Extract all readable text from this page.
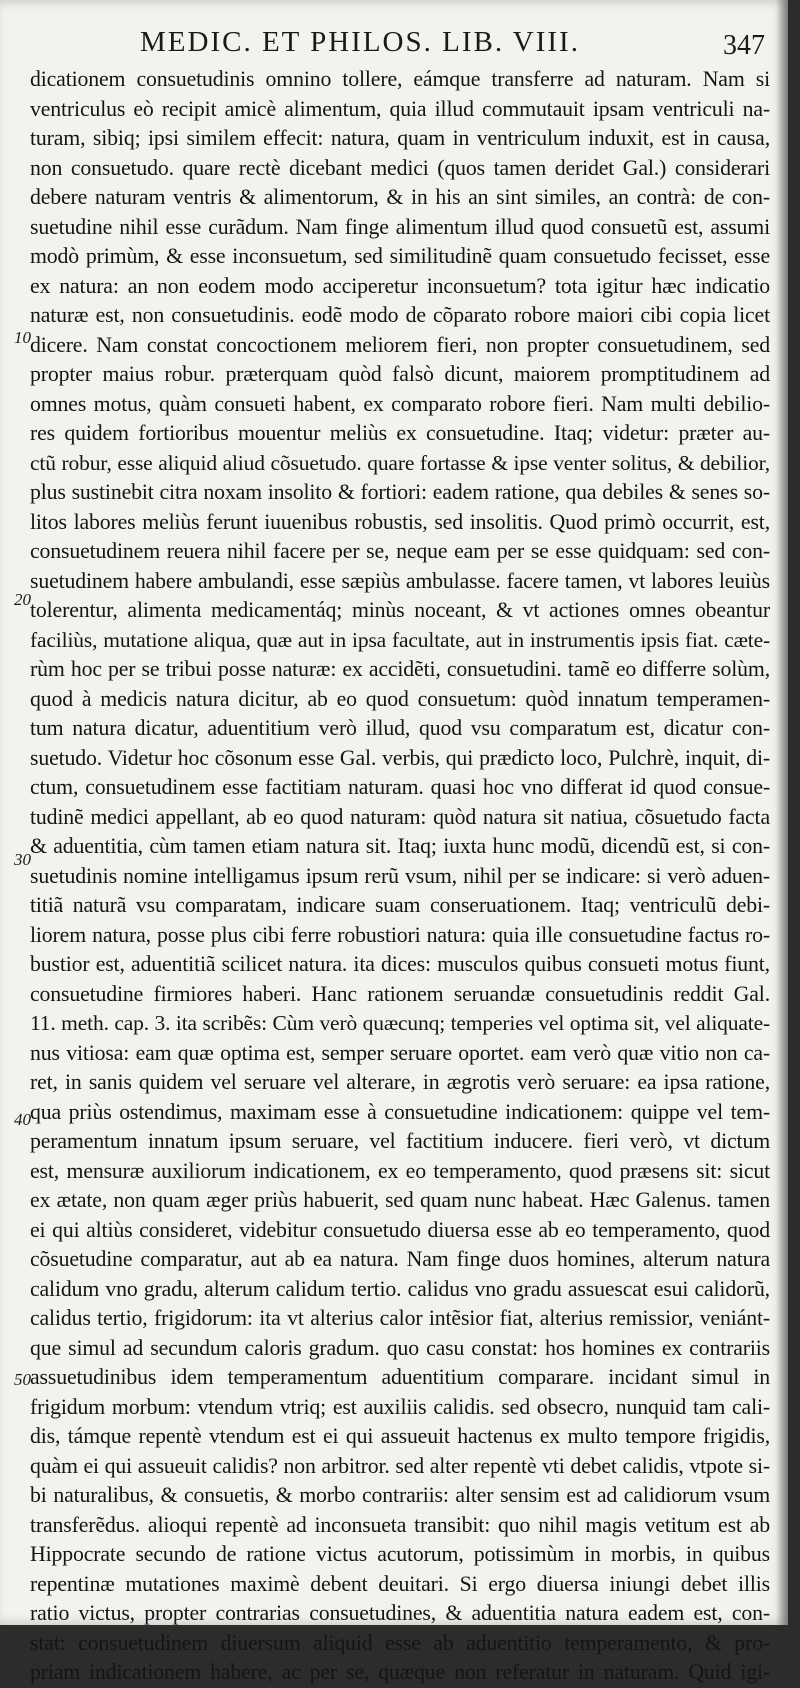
MEDIC. ET PHILOS. LIB. VIII.	347
10
20
30
40
50
dicationem consuetudinis omnino tollere, eámque transferre ad naturam. Nam si
ventriculus eò recipit amicè alimentum, quia illud commutauit ipsam ventriculi na-
turam, sibiq; ipsi similem effecit: natura, quam in ventriculum induxit, est in causa,
non consuetudo. quare rectè dicebant medici (quos tamen deridet Gal.) considerari
debere naturam ventris & alimentorum, & in his an sint similes, an contrà: de con-
suetudine nihil esse curãdum. Nam finge alimentum illud quod consuetũ est, assumi
modò primùm, & esse inconsuetum, sed similitudinẽ quam consuetudo fecisset, esse
ex natura: an non eodem modo acciperetur inconsuetum? tota igitur hæc indicatio
naturæ est, non consuetudinis. eodẽ modo de cõparato robore maiori cibi copia licet
dicere. Nam constat concoctionem meliorem fieri, non propter consuetudinem, sed
propter maius robur. præterquam quòd falsò dicunt, maiorem promptitudinem ad
omnes motus, quàm consueti habent, ex comparato robore fieri. Nam multi debilio-
res quidem fortioribus mouentur meliùs ex consuetudine. Itaq; videtur: præter au-
ctũ robur, esse aliquid aliud cõsuetudo. quare fortasse & ipse venter solitus, & debilior,
plus sustinebit citra noxam insolito & fortiori: eadem ratione, qua debiles & senes so-
litos labores meliùs ferunt iuuenibus robustis, sed insolitis. Quod primò occurrit, est,
consuetudinem reuera nihil facere per se, neque eam per se esse quidquam: sed con-
suetudinem habere ambulandi, esse sæpiùs ambulasse. facere tamen, vt labores leuiùs
tolerentur, alimenta medicamentáq; minùs noceant, & vt actiones omnes obeantur
faciliùs, mutatione aliqua, quæ aut in ipsa facultate, aut in instrumentis ipsis fiat. cæte-
rùm hoc per se tribui posse naturæ: ex accidẽti, consuetudini. tamẽ eo differre solùm,
quod à medicis natura dicitur, ab eo quod consuetum: quòd innatum temperamen-
tum natura dicatur, aduentitium verò illud, quod vsu comparatum est, dicatur con-
suetudo. Videtur hoc cõsonum esse Gal. verbis, qui prædicto loco, Pulchrè, inquit, di-
ctum, consuetudinem esse factitiam naturam. quasi hoc vno differat id quod consue-
tudinẽ medici appellant, ab eo quod naturam: quòd natura sit natiua, cõsuetudo facta
& aduentitia, cùm tamen etiam natura sit. Itaq; iuxta hunc modũ, dicendũ est, si con-
suetudinis nomine intelligamus ipsum rerũ vsum, nihil per se indicare: si verò aduen-
titiã naturã vsu comparatam, indicare suam conseruationem. Itaq; ventriculũ debi-
liorem natura, posse plus cibi ferre robustiori natura: quia ille consuetudine factus ro-
bustior est, aduentitiã scilicet natura. ita dices: musculos quibus consueti motus fiunt,
consuetudine firmiores haberi. Hanc rationem seruandæ consuetudinis reddit Gal.
11. meth. cap. 3. ita scribẽs: Cùm verò quæcunq; temperies vel optima sit, vel aliquate-
nus vitiosa: eam quæ optima est, semper seruare oportet. eam verò quæ vitio non ca-
ret, in sanis quidem vel seruare vel alterare, in ægrotis verò seruare: ea ipsa ratione,
qua priùs ostendimus, maximam esse à consuetudine indicationem: quippe vel tem-
peramentum innatum ipsum seruare, vel factitium inducere. fieri verò, vt dictum
est, mensuræ auxiliorum indicationem, ex eo temperamento, quod præsens sit: sicut
ex ætate, non quam æger priùs habuerit, sed quam nunc habeat. Hæc Galenus. tamen
ei qui altiùs consideret, videbitur consuetudo diuersa esse ab eo temperamento, quod
cõsuetudine comparatur, aut ab ea natura. Nam finge duos homines, alterum natura
calidum vno gradu, alterum calidum tertio. calidus vno gradu assuescat esui calidorũ,
calidus tertio, frigidorum: ita vt alterius calor intẽsior fiat, alterius remissior, veniánt-
que simul ad secundum caloris gradum. quo casu constat: hos homines ex contrariis
assuetudinibus idem temperamentum aduentitium comparare. incidant simul in
frigidum morbum: vtendum vtriq; est auxiliis calidis. sed obsecro, nunquid tam cali-
dis, támque repentè vtendum est ei qui assueuit hactenus ex multo tempore frigidis,
quàm ei qui assueuit calidis? non arbitror. sed alter repentè vti debet calidis, vtpote si-
bi naturalibus, & consuetis, & morbo contrariis: alter sensim est ad calidiorum vsum
transferẽdus. alioqui repentè ad inconsueta transibit: quo nihil magis vetitum est ab
Hippocrate secundo de ratione victus acutorum, potissimùm in morbis, in quibus
repentinæ mutationes maximè debent deuitari. Si ergo diuersa iniungi debet illis
ratio victus, propter contrarias consuetudines, & aduentitia natura eadem est, con-
stat: consuetudinem diuersum aliquid esse ab aduentitio temperamento, & pro-
priam indicationem habere, ac per se, quæque non referatur in naturam. Quid igi-
